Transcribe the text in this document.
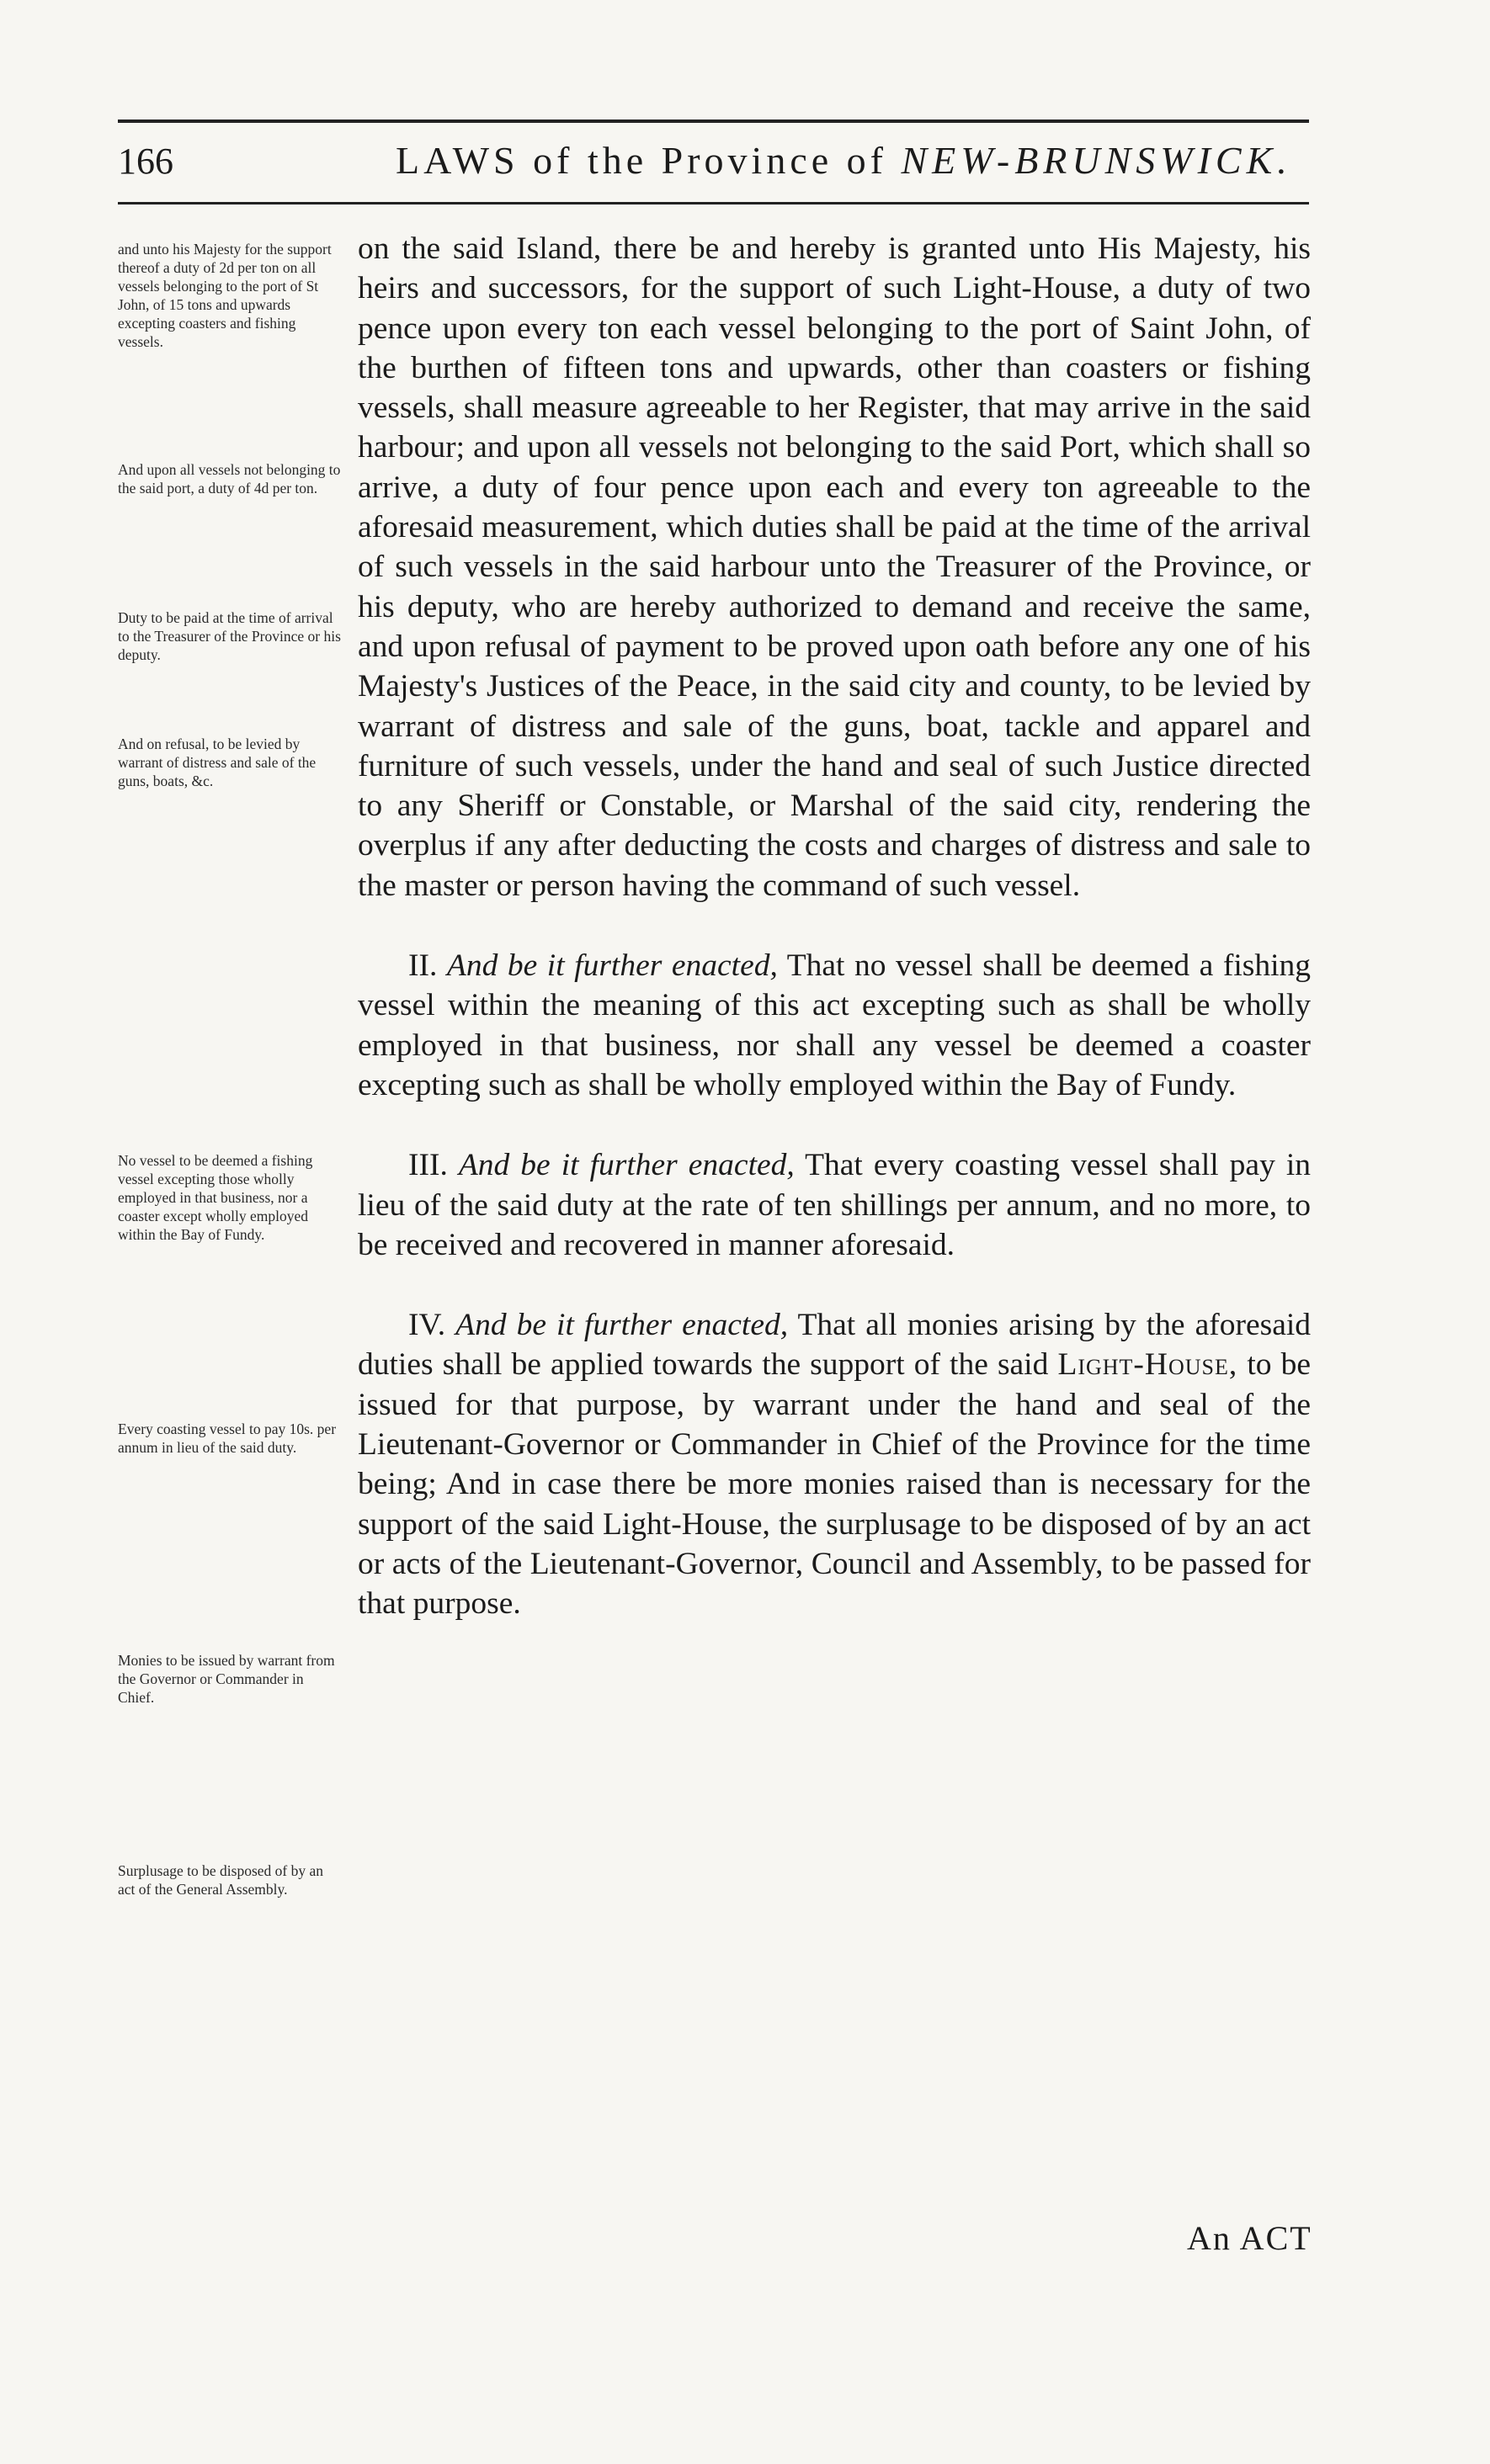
166	LAWS of the Province of NEW-BRUNSWICK.
and unto his Majesty for the support thereof a duty of 2d per ton on all vessels belonging to the port of St John, of 15 tons and upwards excepting coasters and fishing vessels.
And upon all vessels not belonging to the said port, a duty of 4d per ton.
Duty to be paid at the time of arrival to the Treasurer of the Province or his deputy.
And on refusal, to be levied by warrant of distress and sale of the guns, boats, &c.
No vessel to be deemed a fishing vessel excepting those wholly employed in that business, nor a coaster except wholly employed within the Bay of Fundy.
Every coasting vessel to pay 10s. per annum in lieu of the said duty.
Monies to be issued by warrant from the Governor or Commander in Chief.
Surplusage to be disposed of by an act of the General Assembly.

on the said Island, there be and hereby is granted unto His Majesty, his heirs and successors, for the support of such Light-House, a duty of two pence upon every ton each vessel belonging to the port of Saint John, of the burthen of fifteen tons and upwards, other than coasters or fishing vessels, shall measure agreeable to her Register, that may arrive in the said harbour; and upon all vessels not belonging to the said Port, which shall so arrive, a duty of four pence upon each and every ton agreeable to the aforesaid measurement, which duties shall be paid at the time of the arrival of such vessels in the said harbour unto the Treasurer of the Province, or his deputy, who are hereby authorized to demand and receive the same, and upon refusal of payment to be proved upon oath before any one of his Majesty's Justices of the Peace, in the said city and county, to be levied by warrant of distress and sale of the guns, boat, tackle and apparel and furniture of such vessels, under the hand and seal of such Justice directed to any Sheriff or Constable, or Marshal of the said city, rendering the overplus if any after deducting the costs and charges of distress and sale to the master or person having the command of such vessel.

II. And be it further enacted, That no vessel shall be deemed a fishing vessel within the meaning of this act excepting such as shall be wholly employed in that business, nor shall any vessel be deemed a coaster excepting such as shall be wholly employed within the Bay of Fundy.

III. And be it further enacted, That every coasting vessel shall pay in lieu of the said duty at the rate of ten shillings per annum, and no more, to be received and recovered in manner aforesaid.

IV. And be it further enacted, That all monies arising by the aforesaid duties shall be applied towards the support of the said Light-House, to be issued for that purpose, by warrant under the hand and seal of the Lieutenant-Governor or Commander in Chief of the Province for the time being; And in case there be more monies raised than is necessary for the support of the said Light-House, the surplusage to be disposed of by an act or acts of the Lieutenant-Governor, Council and Assembly, to be passed for that purpose.

An ACT
